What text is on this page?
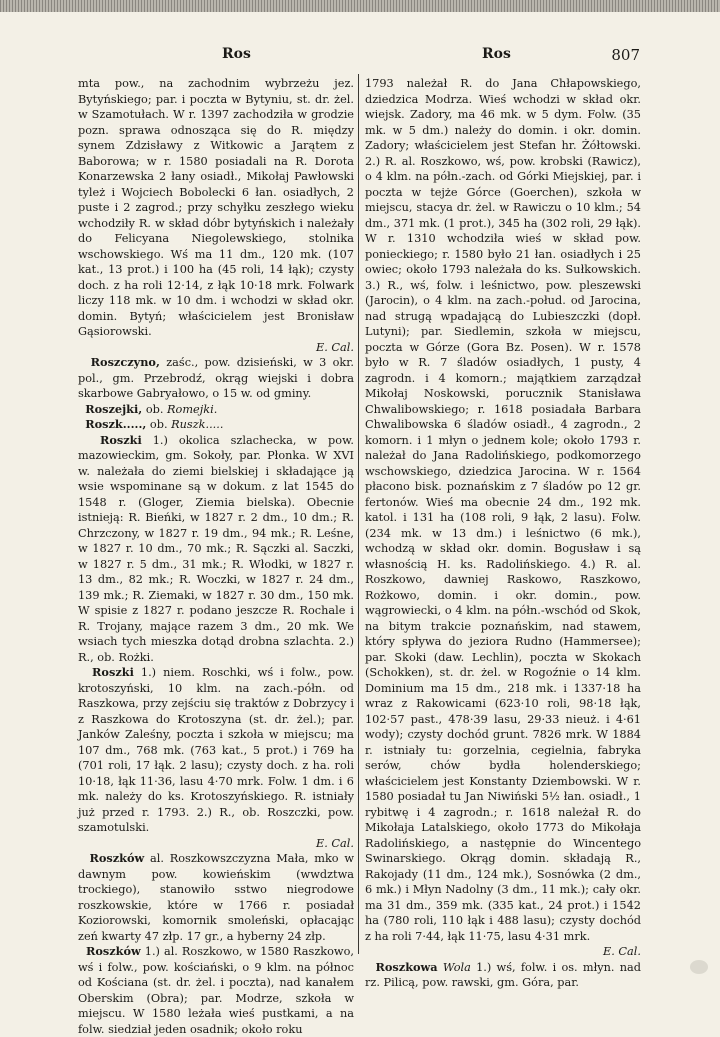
Ros	Ros	807

mta pow., na zachodnim wybrzeżu jez. Bytyńskiego; par. i poczta w Bytyniu, st. dr. żel. w Szamotułach. W r. 1397 zachodziła w grodzie pozn. sprawa odnosząca się do R. między synem Zdzisławy z Witkowic a Jarątem z Baborowa; w r. 1580 posiadali na R. Dorota Konarzewska 2 łany osiadł., Mikołaj Pawłowski tyleż i Wojciech Bobolecki 6 łan. osiadłych, 2 puste i 2 zagrod.; przy schyłku zeszłego wieku wchodziły R. w skład dóbr bytyńskich i należały do Felicyana Niegolewskiego, stolnika wschowskiego. Wś ma 11 dm., 120 mk. (107 kat., 13 prot.) i 100 ha (45 roli, 14 łąk); czysty doch. z ha roli 12·14, z łąk 10·18 mrk. Folwark liczy 118 mk. w 10 dm. i wchodzi w skład okr. domin. Bytyń; właścicielem jest Bronisław Gąsiorowski.
E. Cal.

Roszczyno, zaśc., pow. dzisieński, w 3 okr. pol., gm. Przebrodź, okrąg wiejski i dobra skarbowe Gabryałowo, o 15 w. od gminy.

Roszejki, ob. Romejki.

Roszk....., ob. Ruszk.....

Roszki 1.) okolica szlachecka, w pow. mazowieckim, gm. Sokoły, par. Płonka. W XVI w. należała do ziemi bielskiej i składające ją wsie wspominane są w dokum. z lat 1545 do 1548 r. (Gloger, Ziemia bielska). Obecnie istnieją: R. Bieńki, w 1827 r. 2 dm., 10 dm.; R. Chrzczony, w 1827 r. 19 dm., 94 mk.; R. Leśne, w 1827 r. 10 dm., 70 mk.; R. Sączki al. Saczki, w 1827 r. 5 dm., 31 mk.; R. Włodki, w 1827 r. 13 dm., 82 mk.; R. Woczki, w 1827 r. 24 dm., 139 mk.; R. Ziemaki, w 1827 r. 30 dm., 150 mk. W spisie z 1827 r. podano jeszcze R. Rochale i R. Trojany, mające razem 3 dm., 20 mk. We wsiach tych mieszka dotąd drobna szlachta. 2.) R., ob. Rożki.

Roszki 1.) niem. Roschki, wś i folw., pow. krotoszyński, 10 klm. na zach.-półn. od Raszkowa, przy zejściu się traktów z Dobrzycy i z Raszkowa do Krotoszyna (st. dr. żel.); par. Janków Zaleśny, poczta i szkoła w miejscu; ma 107 dm., 768 mk. (763 kat., 5 prot.) i 769 ha (701 roli, 17 łąk. 2 lasu); czysty doch. z ha. roli 10·18, łąk 11·36, lasu 4·70 mrk. Folw. 1 dm. i 6 mk. należy do ks. Krotoszyńskiego. R. istniały już przed r. 1793. 2.) R., ob. Roszczki, pow. szamotulski.
E. Cal.

Roszków al. Roszkowszczyzna Mała, mko w dawnym pow. kowieńskim (wwdztwa trockiego), stanowiło sstwo niegrodowe roszkowskie, które w 1766 r. posiadał Koziorowski, komornik smoleński, opłacając zeń kwarty 47 złp. 17 gr., a hyberny 24 złp.

Roszków 1.) al. Roszkowo, w 1580 Raszkowo, wś i folw., pow. kościański, o 9 klm. na północ od Kościana (st. dr. żel. i poczta), nad kanałem Oberskim (Obra); par. Modrze, szkoła w miejscu. W 1580 leżała wieś pustkami, a na folw. siedział jeden osadnik; około roku

1793 należał R. do Jana Chłapowskiego, dziedzica Modrza. Wieś wchodzi w skład okr. wiejsk. Zadory, ma 46 mk. w 5 dym. Folw. (35 mk. w 5 dm.) należy do domin. i okr. domin. Zadory; właścicielem jest Stefan hr. Żółtowski. 2.) R. al. Roszkowo, wś, pow. krobski (Rawicz), o 4 klm. na półn.-zach. od Górki Miejskiej, par. i poczta w tejże Górce (Goerchen), szkoła w miejscu, stacya dr. żel. w Rawiczu o 10 klm.; 54 dm., 371 mk. (1 prot.), 345 ha (302 roli, 29 łąk). W r. 1310 wchodziła wieś w skład pow. ponieckiego; r. 1580 było 21 łan. osiadłych i 25 owiec; około 1793 należała do ks. Sułkowskich. 3.) R., wś, folw. i leśnictwo, pow. pleszewski (Jarocin), o 4 klm. na zach.-połud. od Jarocina, nad strugą wpadającą do Lubieszczki (dopł. Lutyni); par. Siedlemin, szkoła w miejscu, poczta w Górze (Gora Bz. Posen). W r. 1578 było w R. 7 śladów osiadłych, 1 pusty, 4 zagrodn. i 4 komorn.; majątkiem zarządzał Mikołaj Noskowski, porucznik Stanisława Chwalibowskiego; r. 1618 posiadała Barbara Chwalibowska 6 śladów osiadł., 4 zagrodn., 2 komorn. i 1 młyn o jednem kole; około 1793 r. należał do Jana Radolińskiego, podkomorzego wschowskiego, dziedzica Jarocina. W r. 1564 płacono bisk. poznańskim z 7 śladów po 12 gr. fertonów. Wieś ma obecnie 24 dm., 192 mk. katol. i 131 ha (108 roli, 9 łąk, 2 lasu). Folw. (234 mk. w 13 dm.) i leśnictwo (6 mk.), wchodzą w skład okr. domin. Bogusław i są własnością H. ks. Radolińskiego. 4.) R. al. Roszkowo, dawniej Raskowo, Raszkowo, Rożkowo, domin. i okr. domin., pow. wągrowiecki, o 4 klm. na półn.-wschód od Skok, na bitym trakcie poznańskim, nad stawem, który spływa do jeziora Rudno (Hammersee); par. Skoki (daw. Lechlin), poczta w Skokach (Schokken), st. dr. żel. w Rogoźnie o 14 klm. Dominium ma 15 dm., 218 mk. i 1337·18 ha wraz z Rakowicami (623·10 roli, 98·18 łąk, 102·57 past., 478·39 lasu, 29·33 nieuż. i 4·61 wody); czysty dochód grunt. 7826 mrk. W 1884 r. istniały tu: gorzelnia, cegielnia, fabryka serów, chów bydła holenderskiego; właścicielem jest Konstanty Dziembowski. W r. 1580 posiadał tu Jan Niwiński 5½ łan. osiadł., 1 rybitwę i 4 zagrodn.; r. 1618 należał R. do Mikołaja Latalskiego, około 1773 do Mikołaja Radolińskiego, a następnie do Wincentego Swinarskiego. Okrąg domin. składają R., Rakojady (11 dm., 124 mk.), Sosnówka (2 dm., 6 mk.) i Młyn Nadolny (3 dm., 11 mk.); cały okr. ma 31 dm., 359 mk. (335 kat., 24 prot.) i 1542 ha (780 roli, 110 łąk i 488 lasu); czysty dochód z ha roli 7·44, łąk 11·75, lasu 4·31 mrk.
E. Cal.

Roszkowa Wola 1.) wś, folw. i os. młyn. nad rz. Pilicą, pow. rawski, gm. Góra, par.
